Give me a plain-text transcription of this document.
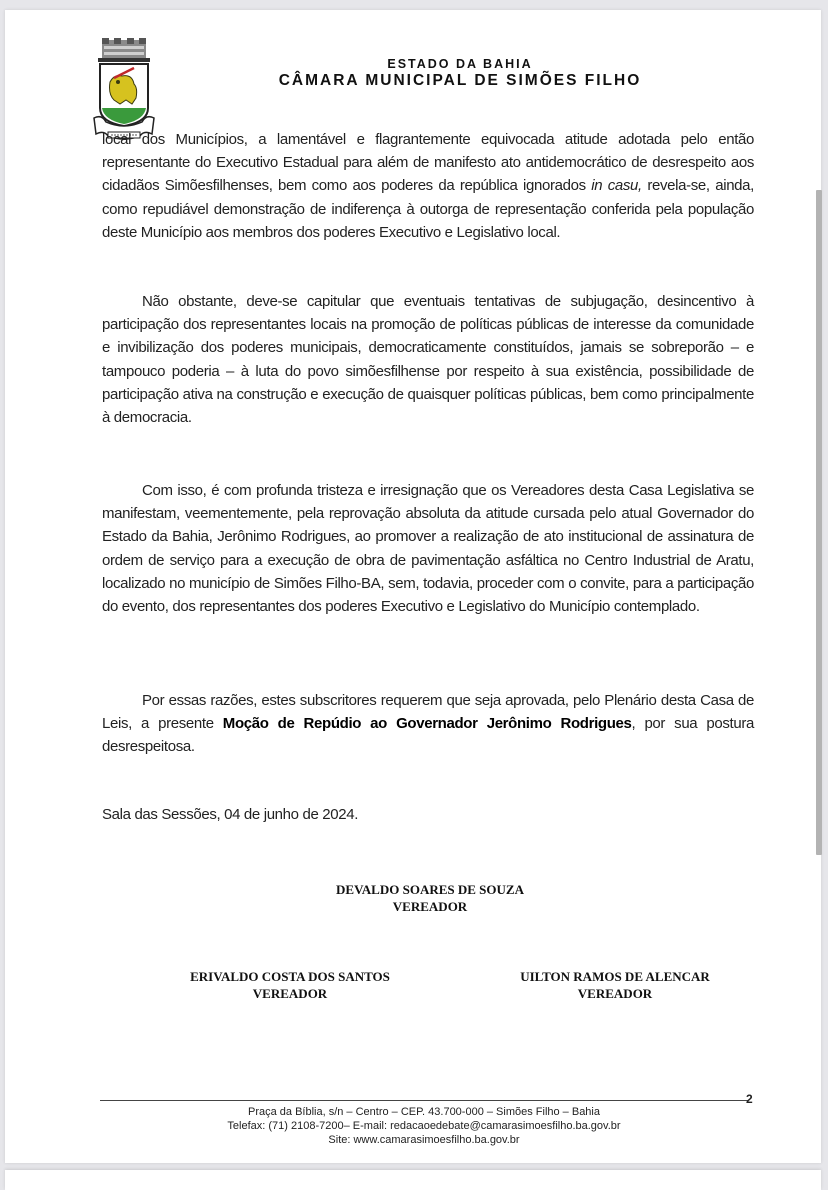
ESTADO DA BAHIA
CÂMARA MUNICIPAL DE SIMÕES FILHO

local dos Municípios, a lamentável e flagrantemente equivocada atitude adotada pelo então representante do Executivo Estadual para além de manifesto ato antidemocrático de desrespeito aos cidadãos Simõesfilhenses, bem como aos poderes da república ignorados in casu, revela-se, ainda, como repudiável demonstração de indiferença à outorga de representação conferida pela população deste Município aos membros dos poderes Executivo e Legislativo local.

Não obstante, deve-se capitular que eventuais tentativas de subjugação, desincentivo à participação dos representantes locais na promoção de políticas públicas de interesse da comunidade e invibilização dos poderes municipais, democraticamente constituídos, jamais se sobreporão – e tampouco poderia – à luta do povo simõesfilhense por respeito à sua existência, possibilidade de participação ativa na construção e execução de quaisquer políticas públicas, bem como principalmente à democracia.

Com isso, é com profunda tristeza e irresignação que os Vereadores desta Casa Legislativa se manifestam, veementemente, pela reprovação absoluta da atitude cursada pelo atual Governador do Estado da Bahia, Jerônimo Rodrigues, ao promover a realização de ato institucional de assinatura de ordem de serviço para a execução de obra de pavimentação asfáltica no Centro Industrial de Aratu, localizado no município de Simões Filho-BA, sem, todavia, proceder com o convite, para a participação do evento, dos representantes dos poderes Executivo e Legislativo do Município contemplado.

Por essas razões, estes subscritores requerem que seja aprovada, pelo Plenário desta Casa de Leis, a presente Moção de Repúdio ao Governador Jerônimo Rodrigues, por sua postura desrespeitosa.

Sala das Sessões, 04 de junho de 2024.
DEVALDO SOARES DE SOUZA
VEREADOR
ERIVALDO COSTA DOS SANTOS
VEREADOR
UILTON RAMOS DE ALENCAR
VEREADOR
2
Praça da Bíblia, s/n – Centro – CEP. 43.700-000 – Simões Filho – Bahia
Telefax: (71) 2108-7200– E-mail: redacaoedebate@camarasimoesfilho.ba.gov.br
Site: www.camarasimoesfilho.ba.gov.br
